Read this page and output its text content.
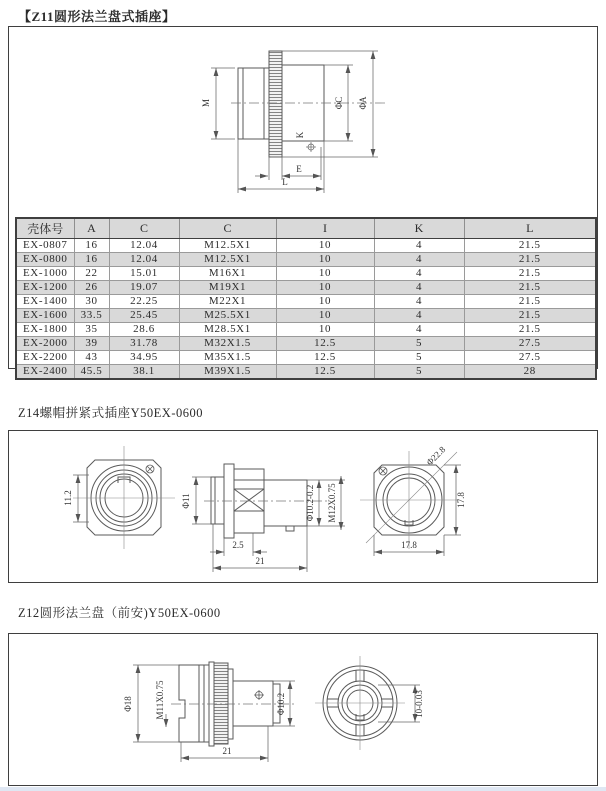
【Z11圆形法兰盘式插座】
M	ΦC ΦA
K
E
L
壳体号	A	C	C	I	K	L
EX-0807	16	12.04	M12.5X1	10	4	21.5
EX-0800	16	12.04	M12.5X1	10	4	21.5
EX-1000	22	15.01	M16X1	10	4	21.5
EX-1200	26	19.07	M19X1	10	4	21.5
EX-1400	30	22.25	M22X1	10	4	21.5
EX-1600	33.5	25.45	M25.5X1	10	4	21.5
EX-1800	35	28.6	M28.5X1	10	4	21.5
EX-2000	39	31.78	M32X1.5	12.5	5	27.5
EX-2200	43	34.95	M35X1.5	12.5	5	27.5
EX-2400	45.5	38.1	M39X1.5	12.5	5	28
Z14螺帽拼紧式插座Y50EX-0600
11.2	Φ11	Φ10.2-0.2 M12X0.75
2.5
21
Φ22.8
17.8
17.8
Z12圆形法兰盘（前安)Y50EX-0600
Φ18 M11X0.75	Φ10.2
21
10-0.03
